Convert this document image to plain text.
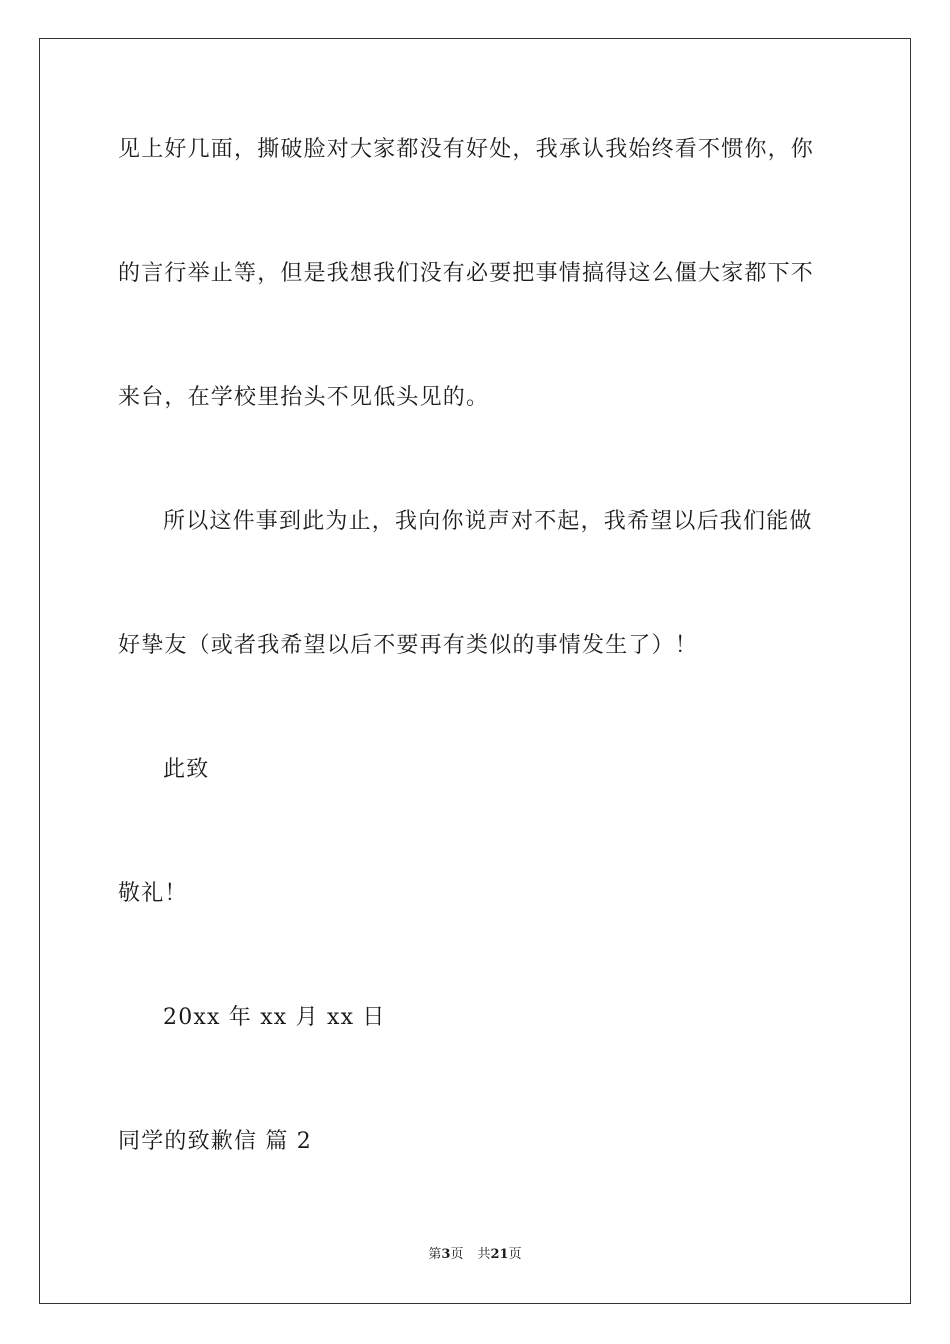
见上好几面，撕破脸对大家都没有好处，我承认我始终看不惯你，你
的言行举止等，但是我想我们没有必要把事情搞得这么僵大家都下不
来台，在学校里抬头不见低头见的。
所以这件事到此为止，我向你说声对不起，我希望以后我们能做
好挚友（或者我希望以后不要再有类似的事情发生了）！
此致
敬礼！
20xx 年 xx 月 xx 日
同学的致歉信 篇 2
第3页 共21页
